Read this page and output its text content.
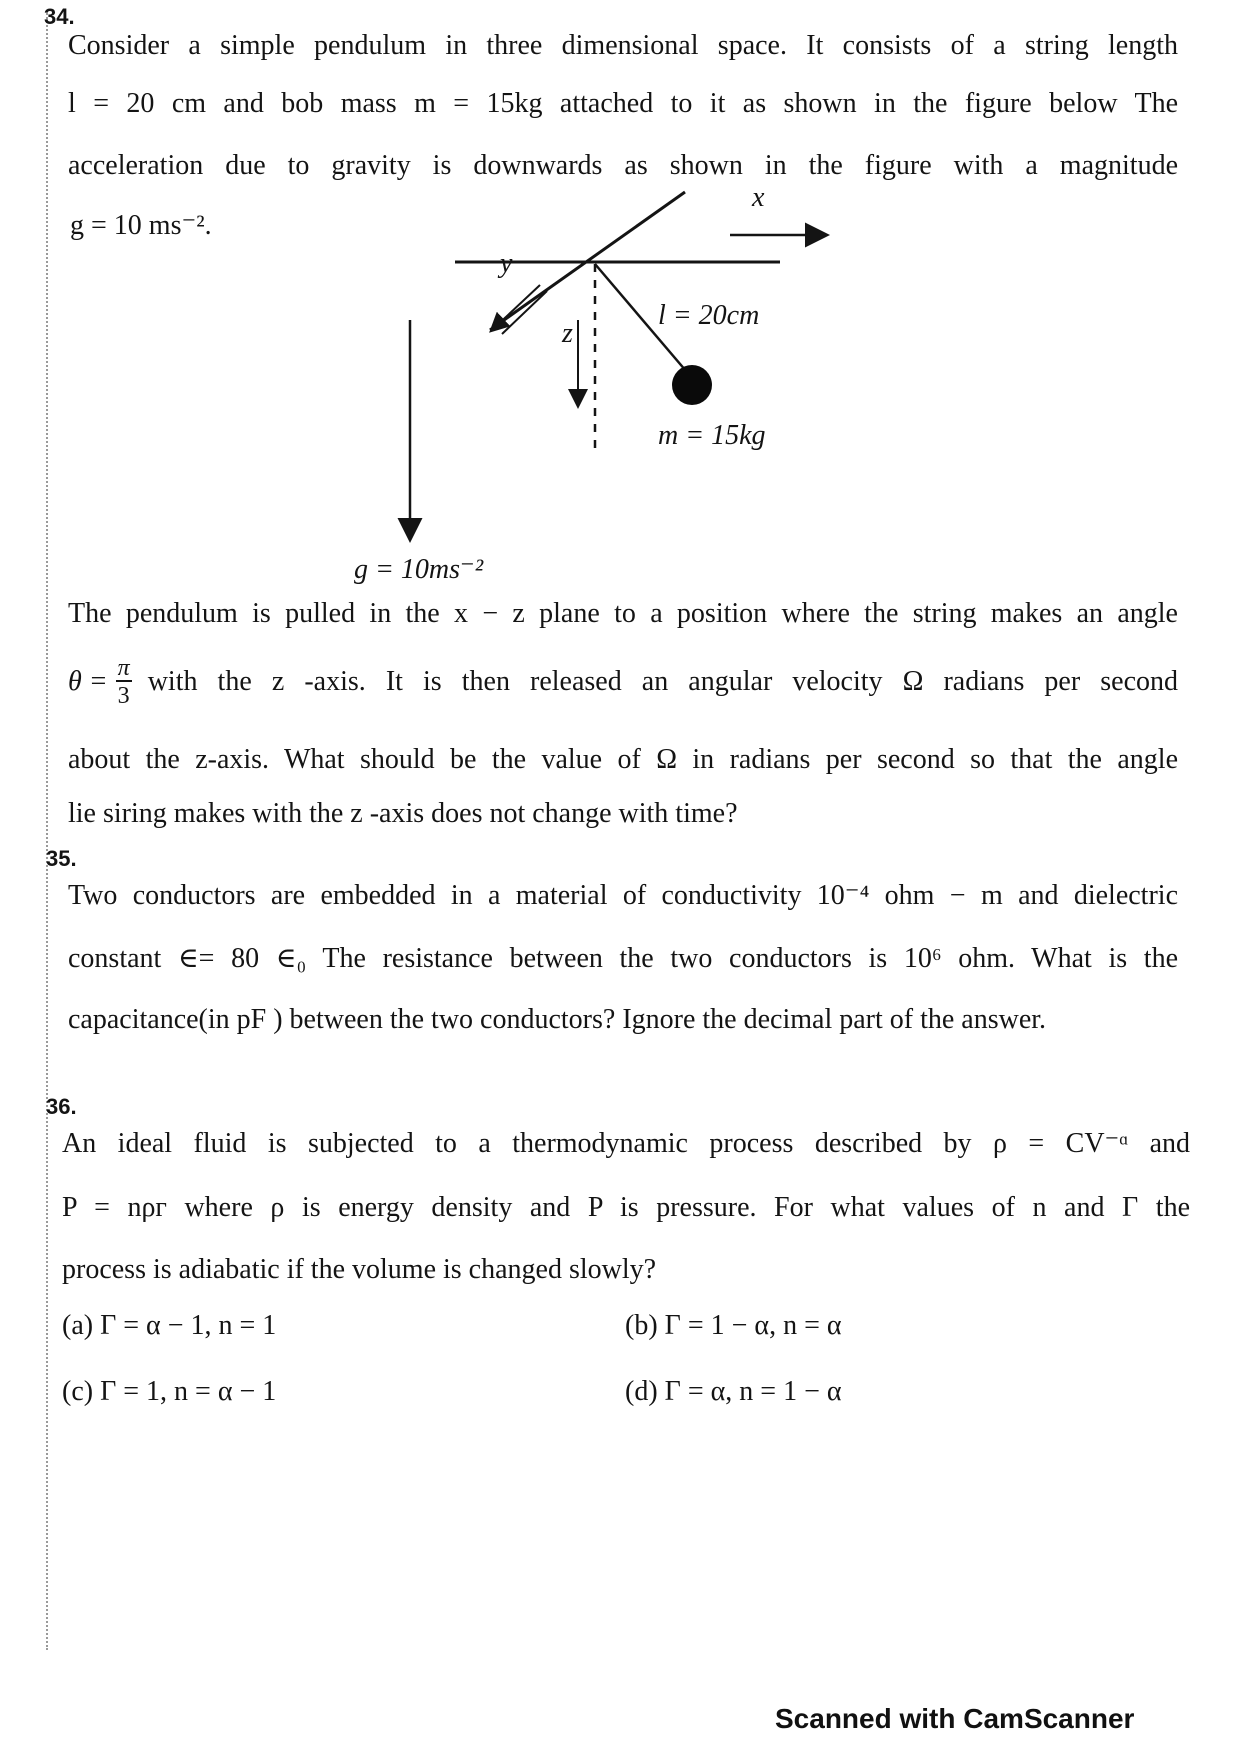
34.
Consider a simple pendulum in three dimensional space. It consists of a string length
l = 20 cm and bob mass m = 15kg attached to it as shown in the figure below The
acceleration due to gravity is downwards as shown in the figure with a magnitude
g = 10 ms⁻².
x
y
z
l = 20cm
m = 15kg
g = 10ms⁻²
The pendulum is pulled in the x − z plane to a position where the string makes an angle
$\theta = \frac{\pi}{3}$ with the z -axis. It is then released an angular velocity Ω radians per second
about the z-axis. What should be the value of Ω in radians per second so that the angle
lie siring makes with the z -axis does not change with time?
35.
Two conductors are embedded in a material of conductivity 10⁻⁴ ohm − m and dielectric
constant ∈= 80 ∈₀ The resistance between the two conductors is 10⁶ ohm. What is the
capacitance(in pF ) between the two conductors? Ignore the decimal part of the answer.
36.
An ideal fluid is subjected to a thermodynamic process described by ρ = CV⁻ᵅ and
P = nρᴦ where ρ is energy density and P is pressure. For what values of n and Γ the
process is adiabatic if the volume is changed slowly?
(a) Γ = α − 1, n = 1	(b) Γ = 1 − α, n = α
(c) Γ = 1, n = α − 1	(d) Γ = α, n = 1 − α
Scanned with CamScanner
